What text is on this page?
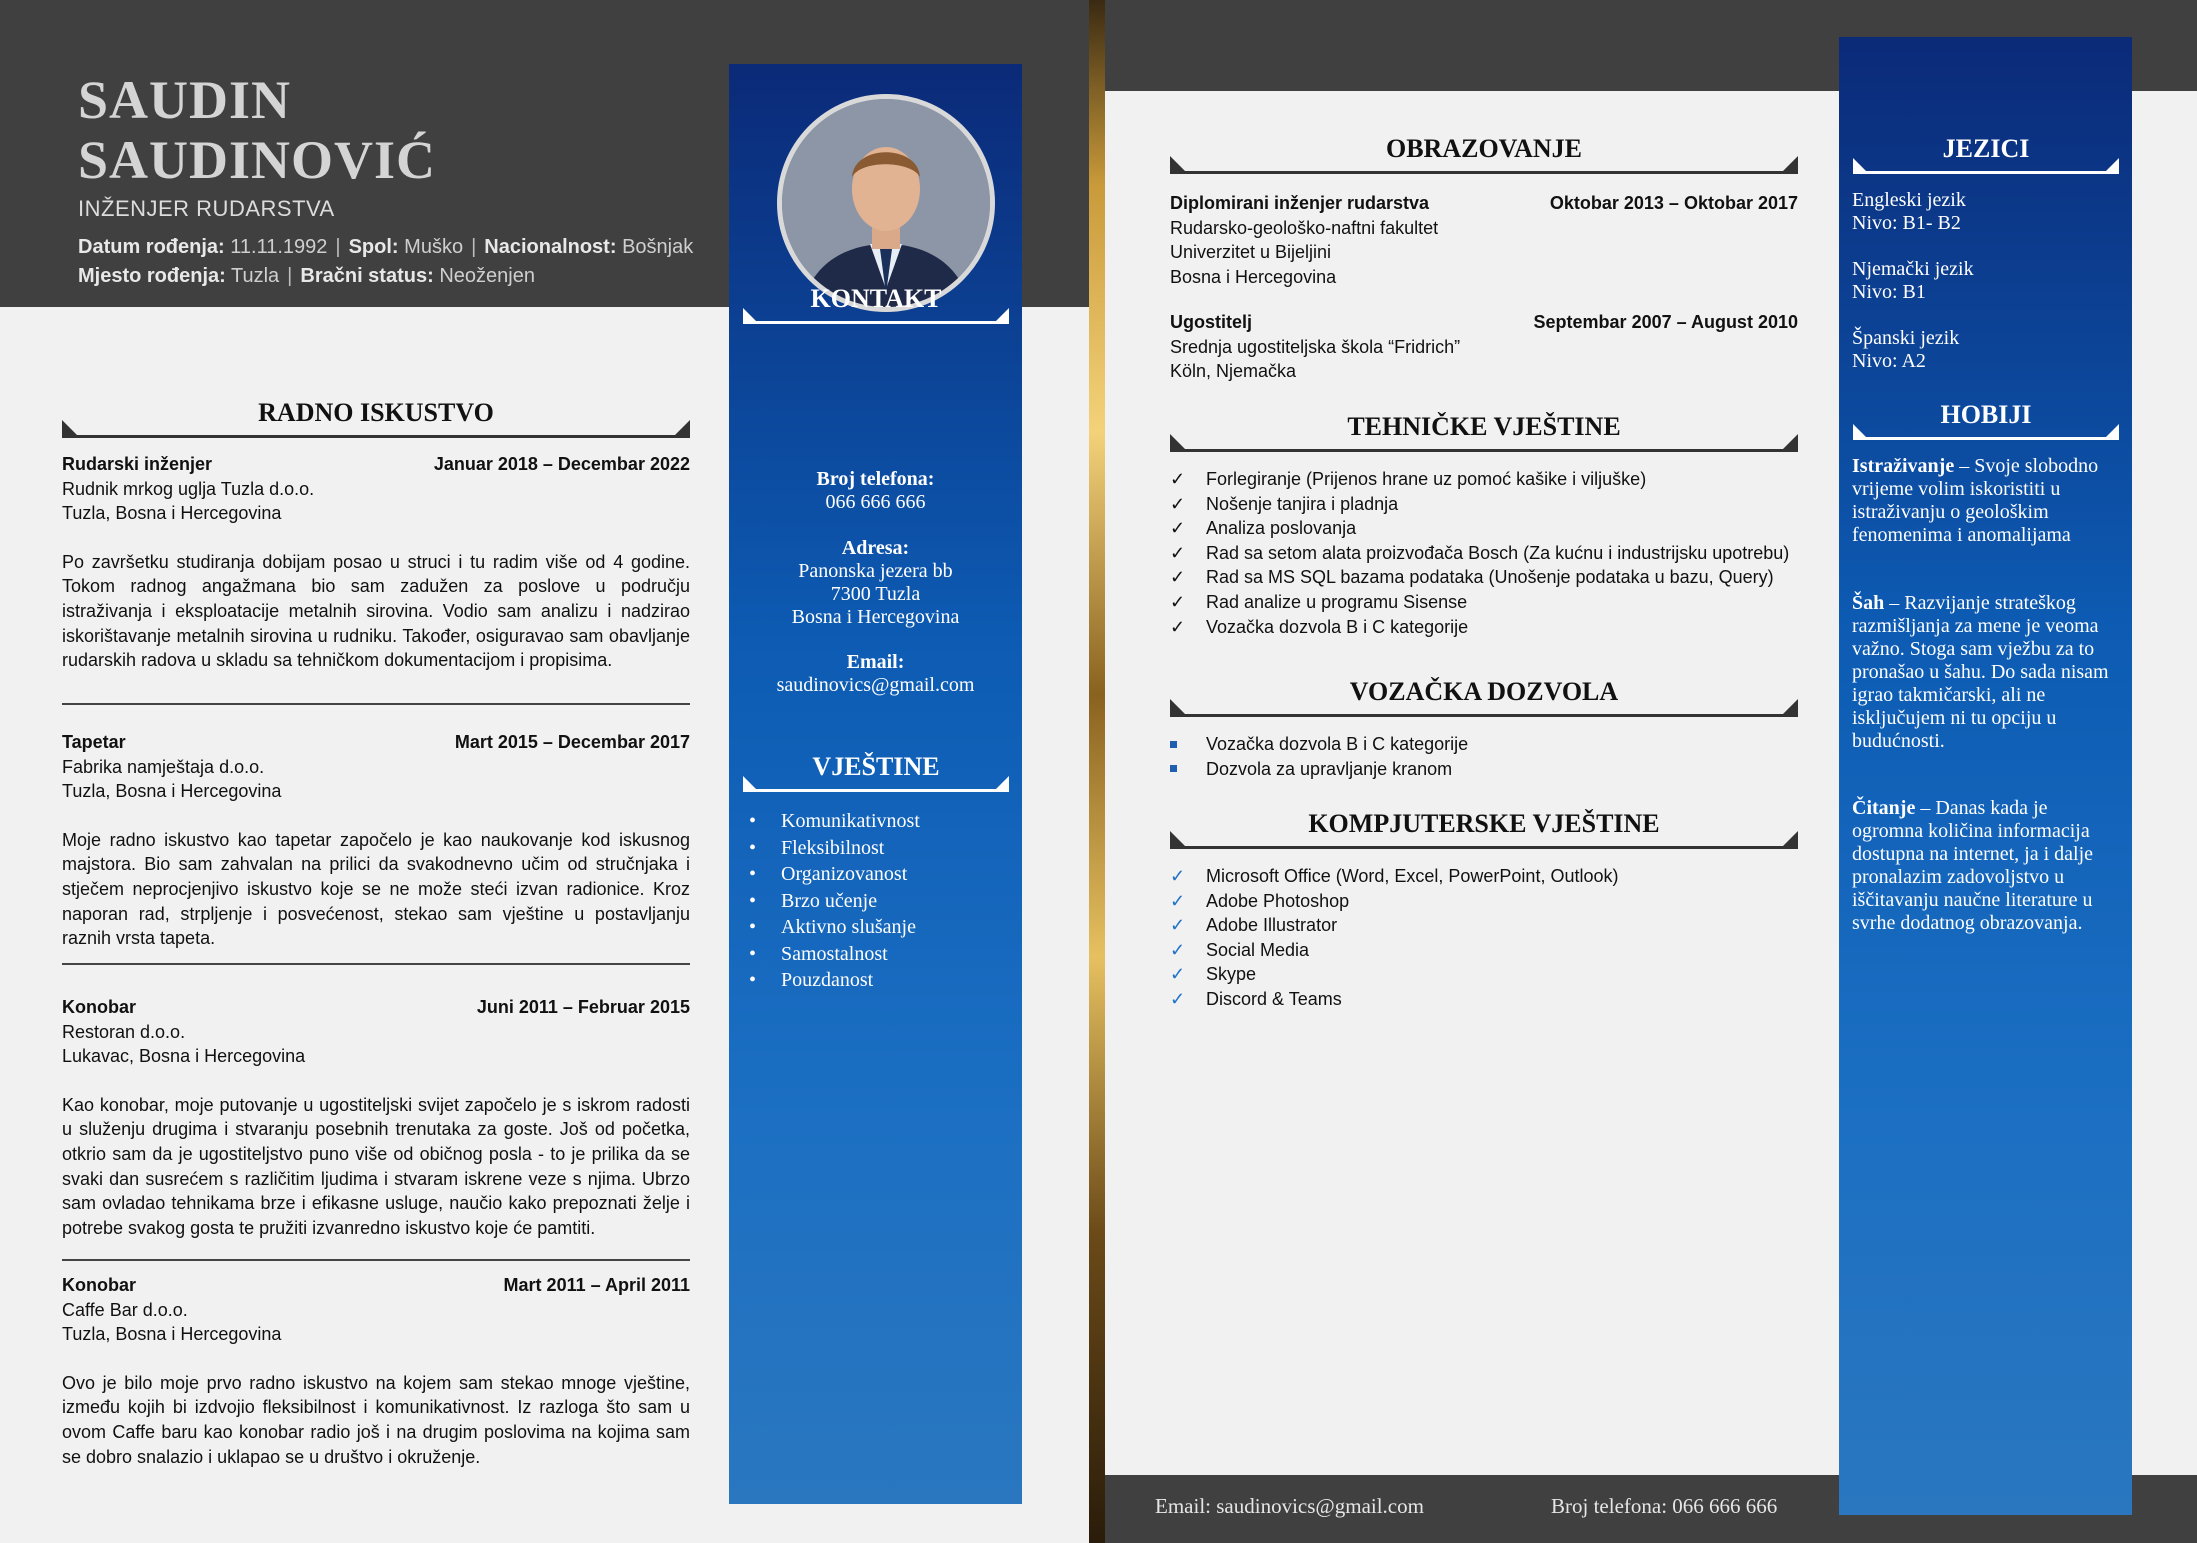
SAUDIN
SAUDINOVIĆ
INŽENJER RUDARSTVA
Datum rođenja: 11.11.1992 | Spol: Muško | Nacionalnost: Bošnjak
Mjesto rođenja: Tuzla | Bračni status: Neoženjen
RADNO ISKUSTVO
Rudarski inženjer	Januar 2018 – Decembar 2022
Rudnik mrkog uglja Tuzla d.o.o.
Tuzla, Bosna i Hercegovina
Po završetku studiranja dobijam posao u struci i tu radim više od 4 godine. Tokom radnog angažmana bio sam zadužen za poslove u području istraživanja i eksploatacije metalnih sirovina. Vodio sam analizu i nadzirao iskorištavanje metalnih sirovina u rudniku. Također, osiguravao sam obavljanje rudarskih radova u skladu sa tehničkom dokumentacijom i propisima.
Tapetar	Mart 2015 – Decembar 2017
Fabrika namještaja d.o.o.
Tuzla, Bosna i Hercegovina
Moje radno iskustvo kao tapetar započelo je kao naukovanje kod iskusnog majstora. Bio sam zahvalan na prilici da svakodnevno učim od stručnjaka i stječem neprocjenjivo iskustvo koje se ne može steći izvan radionice. Kroz naporan rad, strpljenje i posvećenost, stekao sam vještine u postavljanju raznih vrsta tapeta.
Konobar	Juni 2011 – Februar 2015
Restoran d.o.o.
Lukavac, Bosna i Hercegovina
Kao konobar, moje putovanje u ugostiteljski svijet započelo je s iskrom radosti u služenju drugima i stvaranju posebnih trenutaka za goste. Još od početka, otkrio sam da je ugostiteljstvo puno više od običnog posla - to je prilika da se svaki dan susrećem s različitim ljudima i stvaram iskrene veze s njima. Ubrzo sam ovladao tehnikama brze i efikasne usluge, naučio kako prepoznati želje i potrebe svakog gosta te pružiti izvanredno iskustvo koje će pamtiti.
Konobar	Mart 2011 – April 2011
Caffe Bar d.o.o.
Tuzla, Bosna i Hercegovina
Ovo je bilo moje prvo radno iskustvo na kojem sam stekao mnoge vještine, između kojih bi izdvojio fleksibilnost i komunikativnost. Iz razloga što sam u ovom Caffe baru kao konobar radio još i na drugim poslovima na kojima sam se dobro snalazio i uklapao se u društvo i okruženje.
KONTAKT
Broj telefona:
066 666 666
Adresa:
Panonska jezera bb
7300 Tuzla
Bosna i Hercegovina
Email:
saudinovics@gmail.com
VJEŠTINE
• Komunikativnost
• Fleksibilnost
• Organizovanost
• Brzo učenje
• Aktivno slušanje
• Samostalnost
• Pouzdanost
Email: saudinovics@gmail.com	Broj telefona: 066 666 666
OBRAZOVANJE
Diplomirani inženjer rudarstva	Oktobar 2013 – Oktobar 2017
Rudarsko-geološko-naftni fakultet
Univerzitet u Bijeljini
Bosna i Hercegovina
Ugostitelj	Septembar 2007 – August 2010
Srednja ugostiteljska škola “Fridrich”
Köln, Njemačka
TEHNIČKE VJEŠTINE
✓	Forlegiranje (Prijenos hrane uz pomoć kašike i viljuške)
✓	Nošenje tanjira i pladnja
✓	Analiza poslovanja
✓	Rad sa setom alata proizvođača Bosch (Za kućnu i industrijsku upotrebu)
✓	Rad sa MS SQL bazama podataka (Unošenje podataka u bazu, Query)
✓	Rad analize u programu Sisense
✓	Vozačka dozvola B i C kategorije
VOZAČKA DOZVOLA
Vozačka dozvola B i C kategorije
Dozvola za upravljanje kranom
KOMPJUTERSKE VJEŠTINE
✓	Microsoft Office (Word, Excel, PowerPoint, Outlook)
✓	Adobe Photoshop
✓	Adobe Illustrator
✓	Social Media
✓	Skype
✓	Discord & Teams
JEZICI
Engleski jezik
Nivo: B1- B2
Njemački jezik
Nivo: B1
Španski jezik
Nivo: A2
HOBIJI
Istraživanje – Svoje slobodno vrijeme volim iskoristiti u istraživanju o geološkim fenomenima i anomalijama
Šah – Razvijanje strateškog razmišljanja za mene je veoma važno. Stoga sam vježbu za to pronašao u šahu. Do sada nisam igrao takmičarski, ali ne isključujem ni tu opciju u budućnosti.
Čitanje – Danas kada je ogromna količina informacija dostupna na internet, ja i dalje pronalazim zadovoljstvo u iščitavanju naučne literature u svrhe dodatnog obrazovanja.
